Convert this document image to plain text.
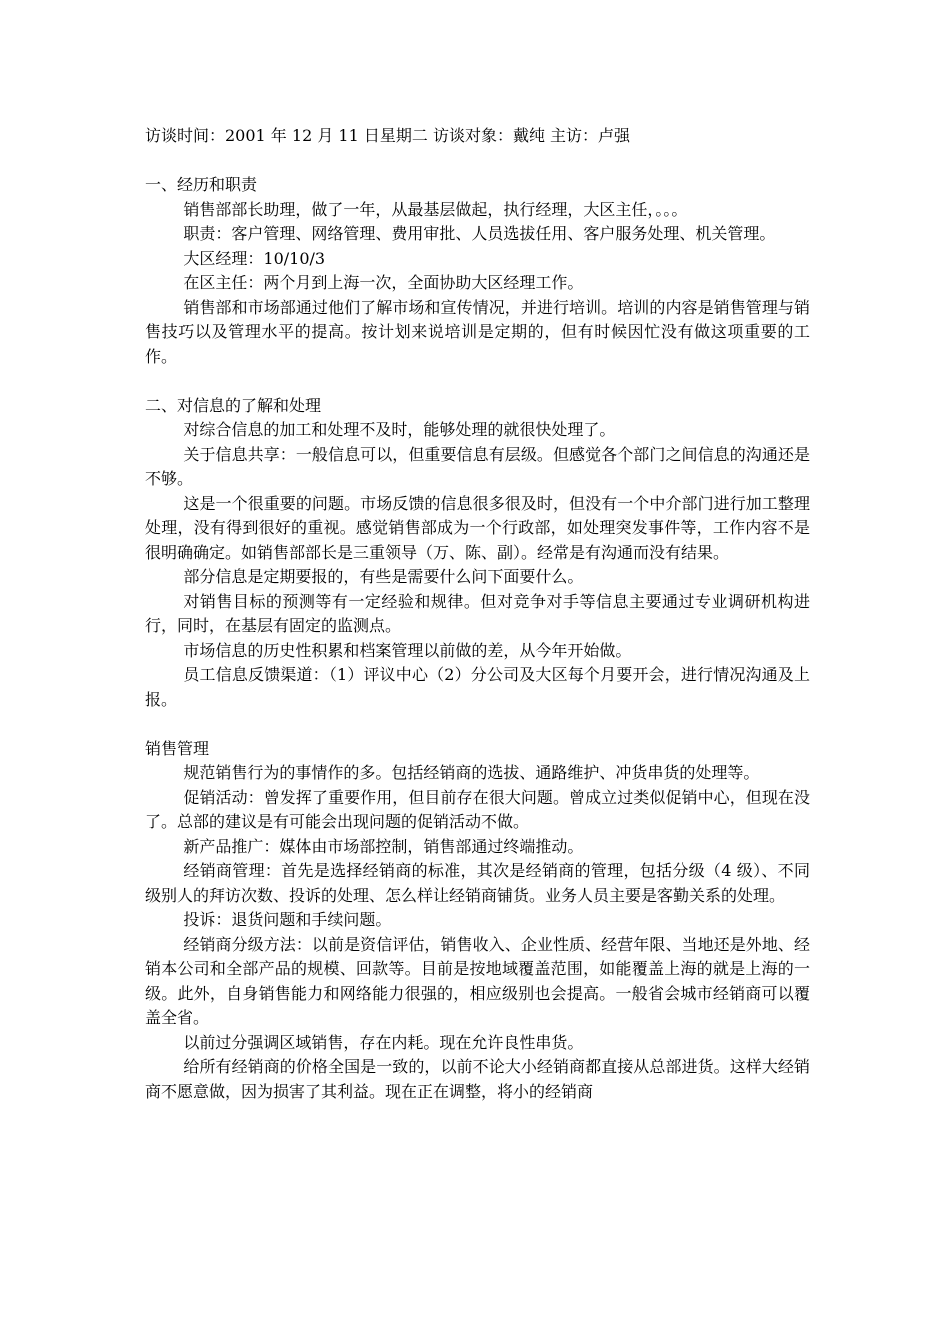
访谈时间：2001 年 12 月 11 日星期二 访谈对象：戴纯 主访：卢强

一、经历和职责

销售部部长助理，做了一年，从最基层做起，执行经理，大区主任，。。。

职责：客户管理、网络管理、费用审批、人员选拔任用、客户服务处理、机关管理。

大区经理：10/10/3

在区主任：两个月到上海一次，全面协助大区经理工作。

销售部和市场部通过他们了解市场和宣传情况，并进行培训。培训的内容是销售管理与销售技巧以及管理水平的提高。按计划来说培训是定期的，但有时候因忙没有做这项重要的工作。

二、对信息的了解和处理

对综合信息的加工和处理不及时，能够处理的就很快处理了。

关于信息共享：一般信息可以，但重要信息有层级。但感觉各个部门之间信息的沟通还是不够。

这是一个很重要的问题。市场反馈的信息很多很及时，但没有一个中介部门进行加工整理处理，没有得到很好的重视。感觉销售部成为一个行政部，如处理突发事件等，工作内容不是很明确确定。如销售部部长是三重领导（万、陈、副）。经常是有沟通而没有结果。

部分信息是定期要报的，有些是需要什么问下面要什么。

对销售目标的预测等有一定经验和规律。但对竞争对手等信息主要通过专业调研机构进行，同时，在基层有固定的监测点。

市场信息的历史性积累和档案管理以前做的差，从今年开始做。

员工信息反馈渠道：（1）评议中心（2）分公司及大区每个月要开会，进行情况沟通及上报。

销售管理

规范销售行为的事情作的多。包括经销商的选拔、通路维护、冲货串货的处理等。

促销活动：曾发挥了重要作用，但目前存在很大问题。曾成立过类似促销中心，但现在没了。总部的建议是有可能会出现问题的促销活动不做。

新产品推广：媒体由市场部控制，销售部通过终端推动。

经销商管理：首先是选择经销商的标准，其次是经销商的管理，包括分级（4 级）、不同级别人的拜访次数、投诉的处理、怎么样让经销商铺货。业务人员主要是客勤关系的处理。

投诉：退货问题和手续问题。

经销商分级方法：以前是资信评估，销售收入、企业性质、经营年限、当地还是外地、经销本公司和全部产品的规模、回款等。目前是按地域覆盖范围，如能覆盖上海的就是上海的一级。此外，自身销售能力和网络能力很强的，相应级别也会提高。一般省会城市经销商可以覆盖全省。

以前过分强调区域销售，存在内耗。现在允许良性串货。

给所有经销商的价格全国是一致的，以前不论大小经销商都直接从总部进货。这样大经销商不愿意做，因为损害了其利益。现在正在调整，将小的经销商
